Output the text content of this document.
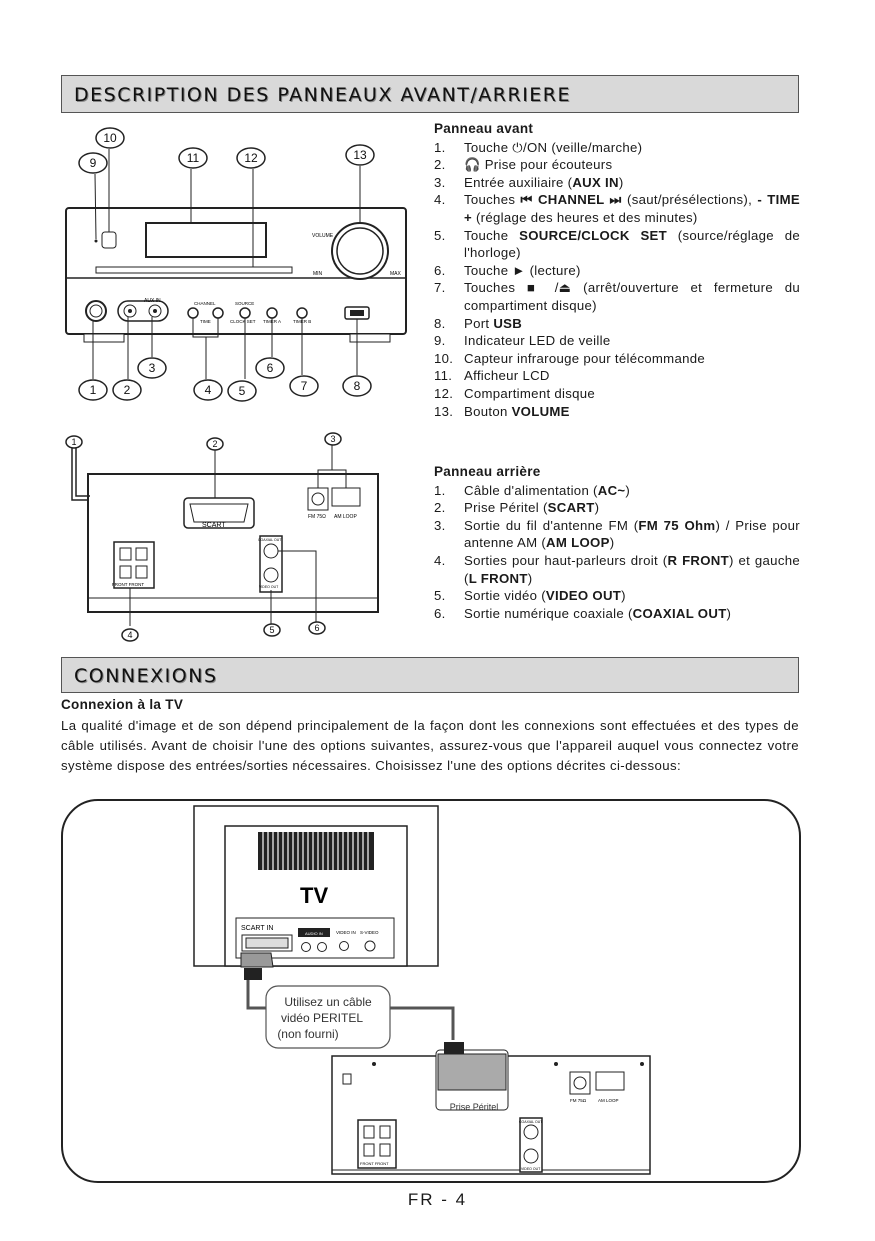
DESCRIPTION DES PANNEAUX AVANT/ARRIERE
VOLUME
MIN	MAX
AUX IN	CHANNEL
TIME
SOURCE
CLOCK SET TIMER A	TIMER B
10
9	11	12	13
1 2
3
4 5
6
7	8
SCART
FM 75Ω AM LOOP
FRONT FRONT
COAXIAL OUT
VIDEO OUT
1	2	3
4	5	6
Panneau avant
1. Touche ⏻/ON (veille/marche)
2. 🎧 Prise pour écouteurs
3. Entrée auxiliaire (AUX IN)
4. Touches ⏮ CHANNEL ⏭ (saut/présélections), - TIME + (réglage des heures et des minutes)
5. Touche SOURCE/CLOCK SET (source/réglage de l'horloge)
6. Touche ► (lecture)
7. Touches ■ /⏏ (arrêt/ouverture et fermeture du compartiment disque)
8. Port USB
9. Indicateur LED de veille
10. Capteur infrarouge pour télécommande
11. Afficheur LCD
12. Compartiment disque
13. Bouton VOLUME
Panneau arrière
1. Câble d'alimentation (AC~)
2. Prise Péritel (SCART)
3. Sortie du fil d'antenne FM (FM 75 Ohm) / Prise pour antenne AM (AM LOOP)
4. Sorties pour haut-parleurs droit (R FRONT) et gauche (L FRONT)
5. Sortie vidéo (VIDEO OUT)
6. Sortie numérique coaxiale (COAXIAL OUT)
CONNEXIONS
Connexion à la TV
La qualité d'image et de son dépend principalement de la façon dont les connexions sont effectuées et des types de câble utilisés. Avant de choisir l'une des options suivantes, assurez-vous que l'appareil auquel vous connectez votre système dispose des entrées/sorties nécessaires. Choisissez l'une des options décrites ci-dessous:
TV
SCART IN
AUDIO IN	VIDEO IN S-VIDEO
Utilisez un câble
vidéo PERITEL
(non fourni)
Prise Péritel
FM 75Ω	AM LOOP
FRONT FRONT
COAXIAL OUT
VIDEO OUT
FR - 4
